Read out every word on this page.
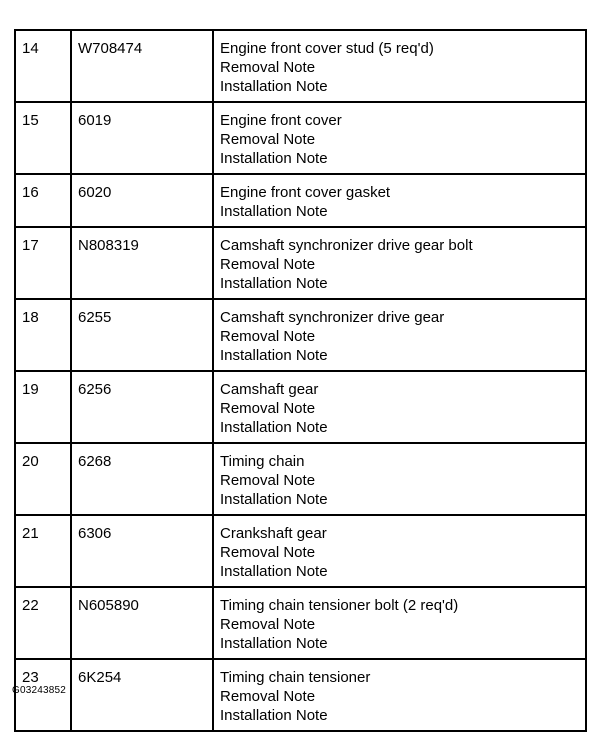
14	W708474	Engine front cover stud (5 req'd)
Removal Note
Installation Note

15	6019	Engine front cover
Removal Note
Installation Note

16	6020	Engine front cover gasket
Installation Note

17	N808319	Camshaft synchronizer drive gear bolt
Removal Note
Installation Note

18	6255	Camshaft synchronizer drive gear
Removal Note
Installation Note

19	6256	Camshaft gear
Removal Note
Installation Note

20	6268	Timing chain
Removal Note
Installation Note

21	6306	Crankshaft gear
Removal Note
Installation Note

22	N605890	Timing chain tensioner bolt (2 req'd)
Removal Note
Installation Note

23	6K254	Timing chain tensioner
Removal Note
Installation Note
G03243852
